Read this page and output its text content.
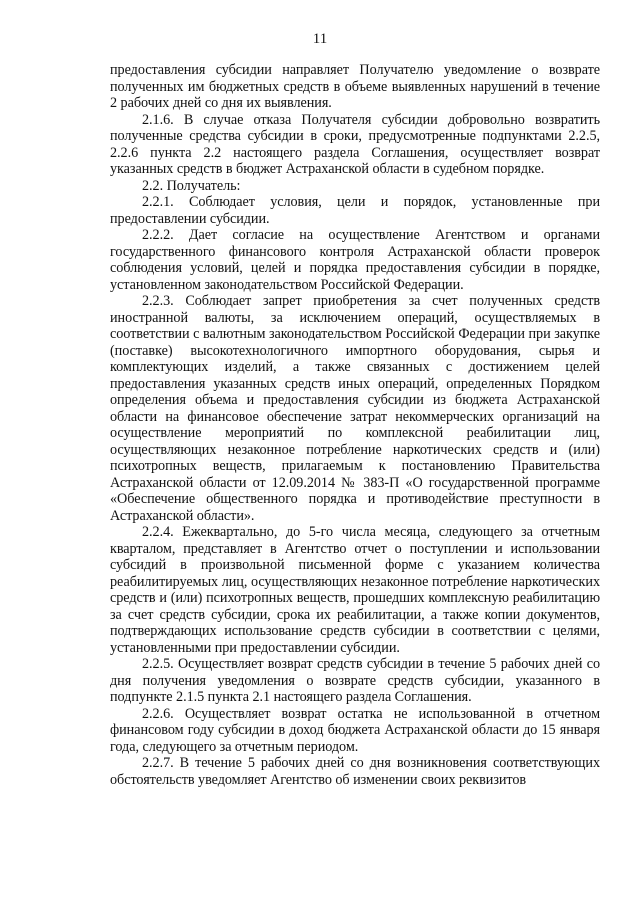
11

предоставления субсидии направляет Получателю уведомление о возврате полученных им бюджетных средств в объеме выявленных нарушений в течение 2 рабочих дней со дня их выявления.

2.1.6. В случае отказа Получателя субсидии добровольно возвратить полученные средства субсидии в сроки, предусмотренные подпунктами 2.2.5, 2.2.6 пункта 2.2 настоящего раздела Соглашения, осуществляет возврат указанных средств в бюджет Астраханской области в судебном порядке.

2.2. Получатель:

2.2.1. Соблюдает условия, цели и порядок, установленные при предоставлении субсидии.

2.2.2. Дает согласие на осуществление Агентством и органами государственного финансового контроля Астраханской области проверок соблюдения условий, целей и порядка предоставления субсидии в порядке, установленном законодательством Российской Федерации.

2.2.3. Соблюдает запрет приобретения за счет полученных средств иностранной валюты, за исключением операций, осуществляемых в соответствии с валютным законодательством Российской Федерации при закупке (поставке) высокотехнологичного импортного оборудования, сырья и комплектующих изделий, а также связанных с достижением целей предоставления указанных средств иных операций, определенных Порядком определения объема и предоставления субсидии из бюджета Астраханской области на финансовое обеспечение затрат некоммерческих организаций на осуществление мероприятий по комплексной реабилитации лиц, осуществляющих незаконное потребление наркотических средств и (или) психотропных веществ, прилагаемым к постановлению Правительства Астраханской области от 12.09.2014 № 383-П «О государственной программе «Обеспечение общественного порядка и противодействие преступности в Астраханской области».

2.2.4. Ежеквартально, до 5-го числа месяца, следующего за отчетным кварталом, представляет в Агентство отчет о поступлении и использовании субсидий в произвольной письменной форме с указанием количества реабилитируемых лиц, осуществляющих незаконное потребление наркотических средств и (или) психотропных веществ, прошедших комплексную реабилитацию за счет средств субсидии, срока их реабилитации, а также копии документов, подтверждающих использование средств субсидии в соответствии с целями, установленными при предоставлении субсидии.

2.2.5. Осуществляет возврат средств субсидии в течение 5 рабочих дней со дня получения уведомления о возврате средств субсидии, указанного в подпункте 2.1.5 пункта 2.1 настоящего раздела Соглашения.

2.2.6. Осуществляет возврат остатка не использованной в отчетном финансовом году субсидии в доход бюджета Астраханской области до 15 января года, следующего за отчетным периодом.

2.2.7. В течение 5 рабочих дней со дня возникновения соответствующих обстоятельств уведомляет Агентство об изменении своих реквизитов
